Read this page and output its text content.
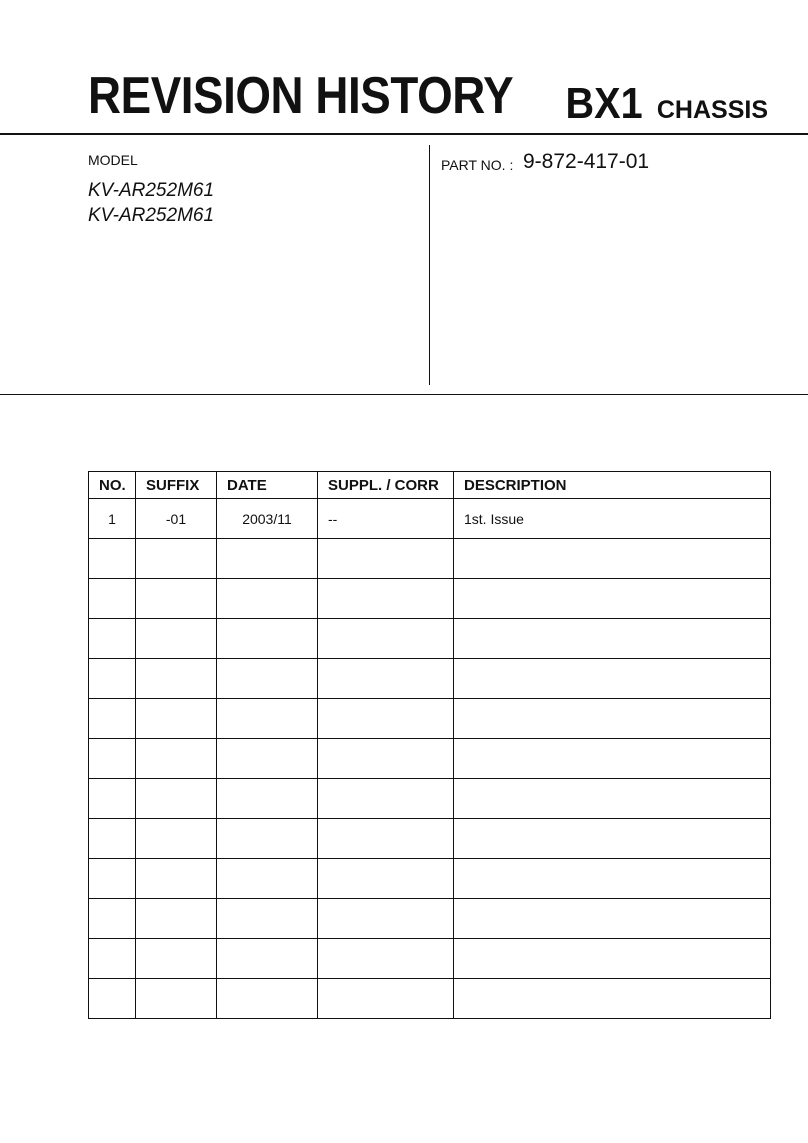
REVISION HISTORY BX1 CHASSIS
MODEL
KV-AR252M61
KV-AR252M61
PART NO. : 9-872-417-01
NO.	SUFFIX	DATE	SUPPL. / CORR	DESCRIPTION
1	-01	2003/11	--	1st. Issue
